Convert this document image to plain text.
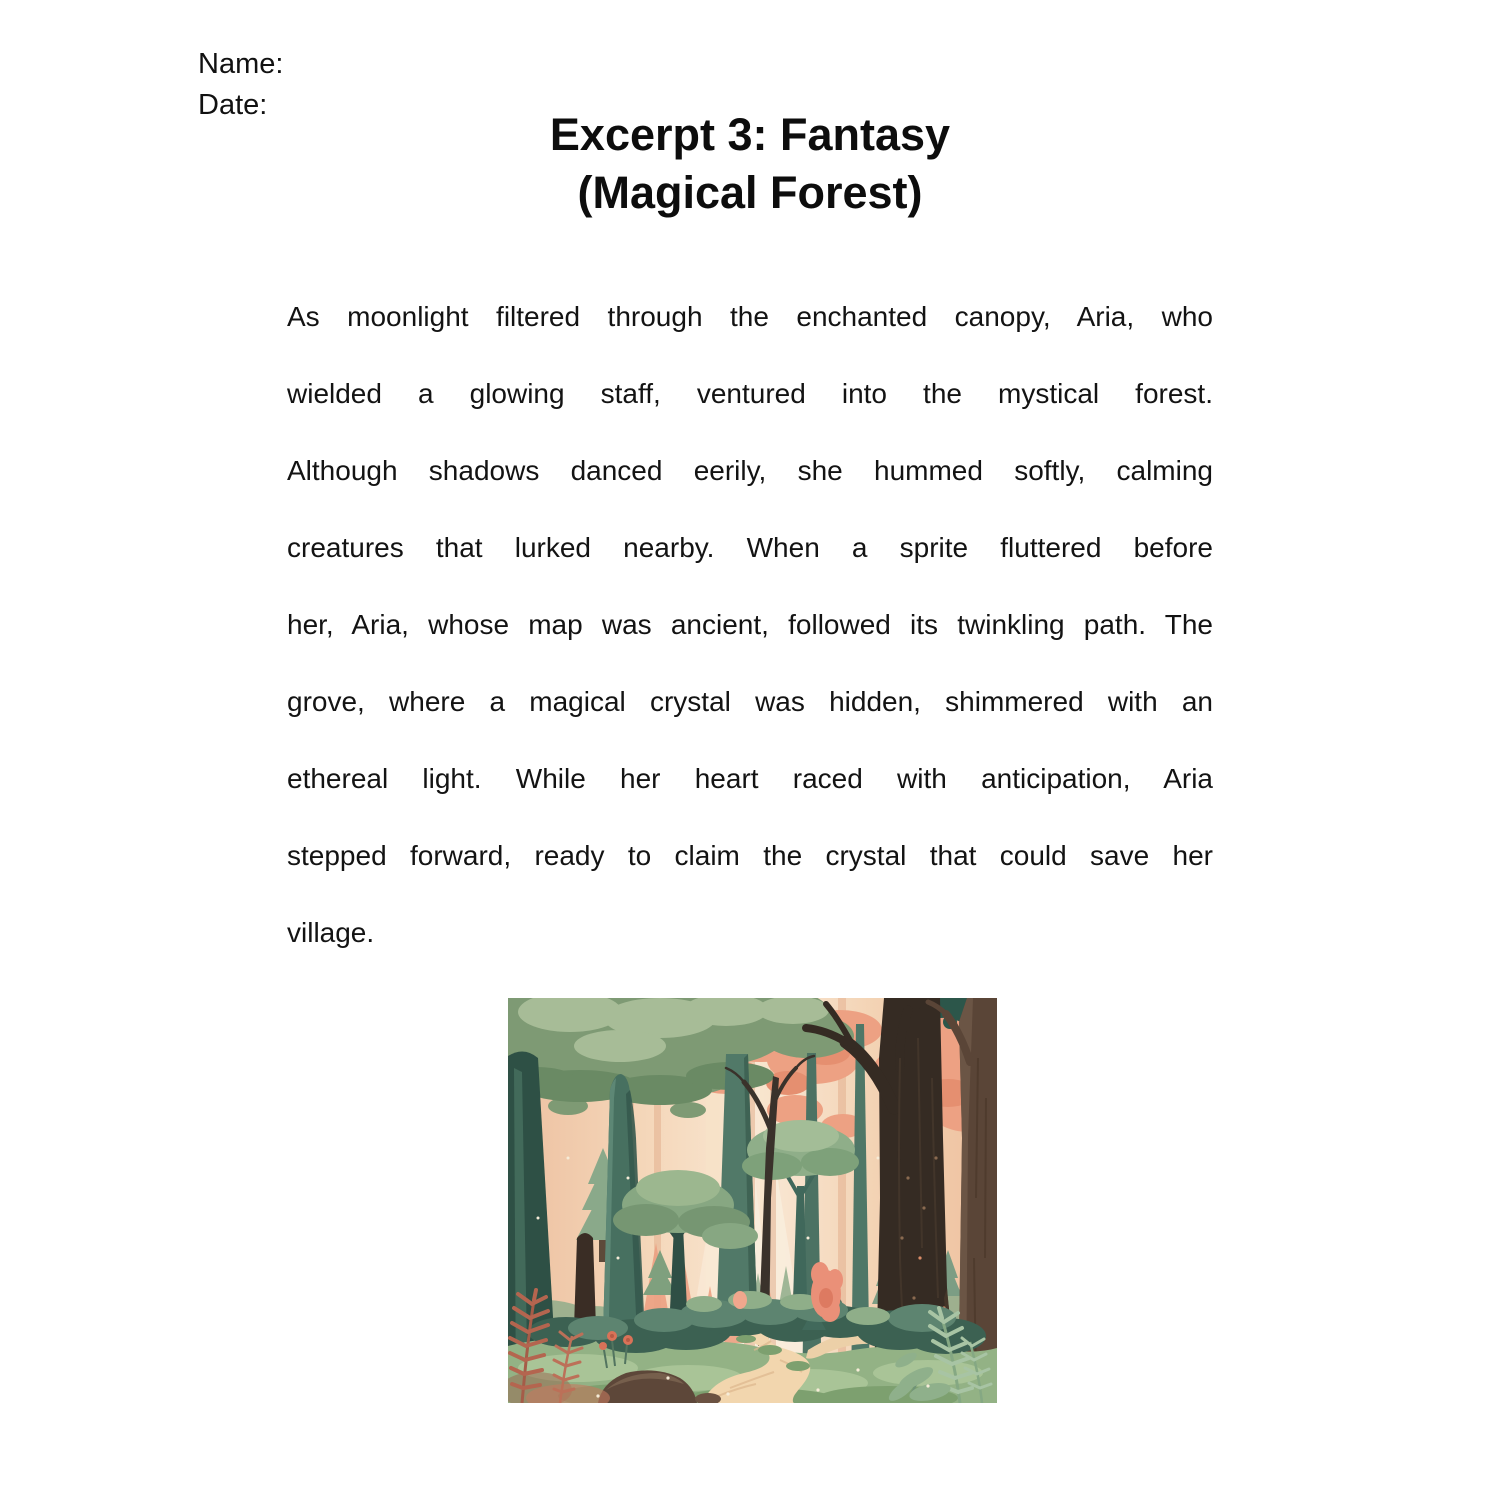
Name:
Date:
Excerpt 3: Fantasy
(Magical Forest)
As moonlight filtered through the enchanted canopy, Aria, who
wielded a glowing staff, ventured into the mystical forest.
Although shadows danced eerily, she hummed softly, calming
creatures that lurked nearby. When a sprite fluttered before
her, Aria, whose map was ancient, followed its twinkling path. The
grove, where a magical crystal was hidden, shimmered with an
ethereal light. While her heart raced with anticipation, Aria
stepped forward, ready to claim the crystal that could save her
village.
